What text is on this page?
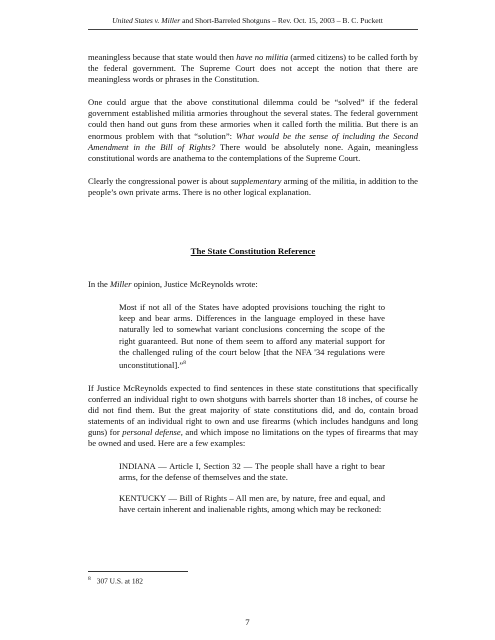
United States v. Miller and Short-Barreled Shotguns – Rev. Oct. 15, 2003 – B. C. Puckett

meaningless because that state would then have no militia (armed citizens) to be called forth by the federal government. The Supreme Court does not accept the notion that there are meaningless words or phrases in the Constitution.

One could argue that the above constitutional dilemma could be “solved” if the federal government established militia armories throughout the several states. The federal government could then hand out guns from these armories when it called forth the militia. But there is an enormous problem with that “solution”: What would be the sense of including the Second Amendment in the Bill of Rights? There would be absolutely none. Again, meaningless constitutional words are anathema to the contemplations of the Supreme Court.

Clearly the congressional power is about supplementary arming of the militia, in addition to the people’s own private arms. There is no other logical explanation.

The State Constitution Reference

In the Miller opinion, Justice McReynolds wrote:

Most if not all of the States have adopted provisions touching the right to keep and bear arms. Differences in the language employed in these have naturally led to somewhat variant conclusions concerning the scope of the right guaranteed. But none of them seem to afford any material support for the challenged ruling of the court below [that the NFA '34 regulations were unconstitutional].”$^8$

If Justice McReynolds expected to find sentences in these state constitutions that specifically conferred an individual right to own shotguns with barrels shorter than 18 inches, of course he did not find them. But the great majority of state constitutions did, and do, contain broad statements of an individual right to own and use firearms (which includes handguns and long guns) for personal defense, and which impose no limitations on the types of firearms that may be owned and used. Here are a few examples:

INDIANA — Article I, Section 32 — The people shall have a right to bear arms, for the defense of themselves and the state.

KENTUCKY — Bill of Rights – All men are, by nature, free and equal, and have certain inherent and inalienable rights, among which may be reckoned:

$^8$ 307 U.S. at 182
7
